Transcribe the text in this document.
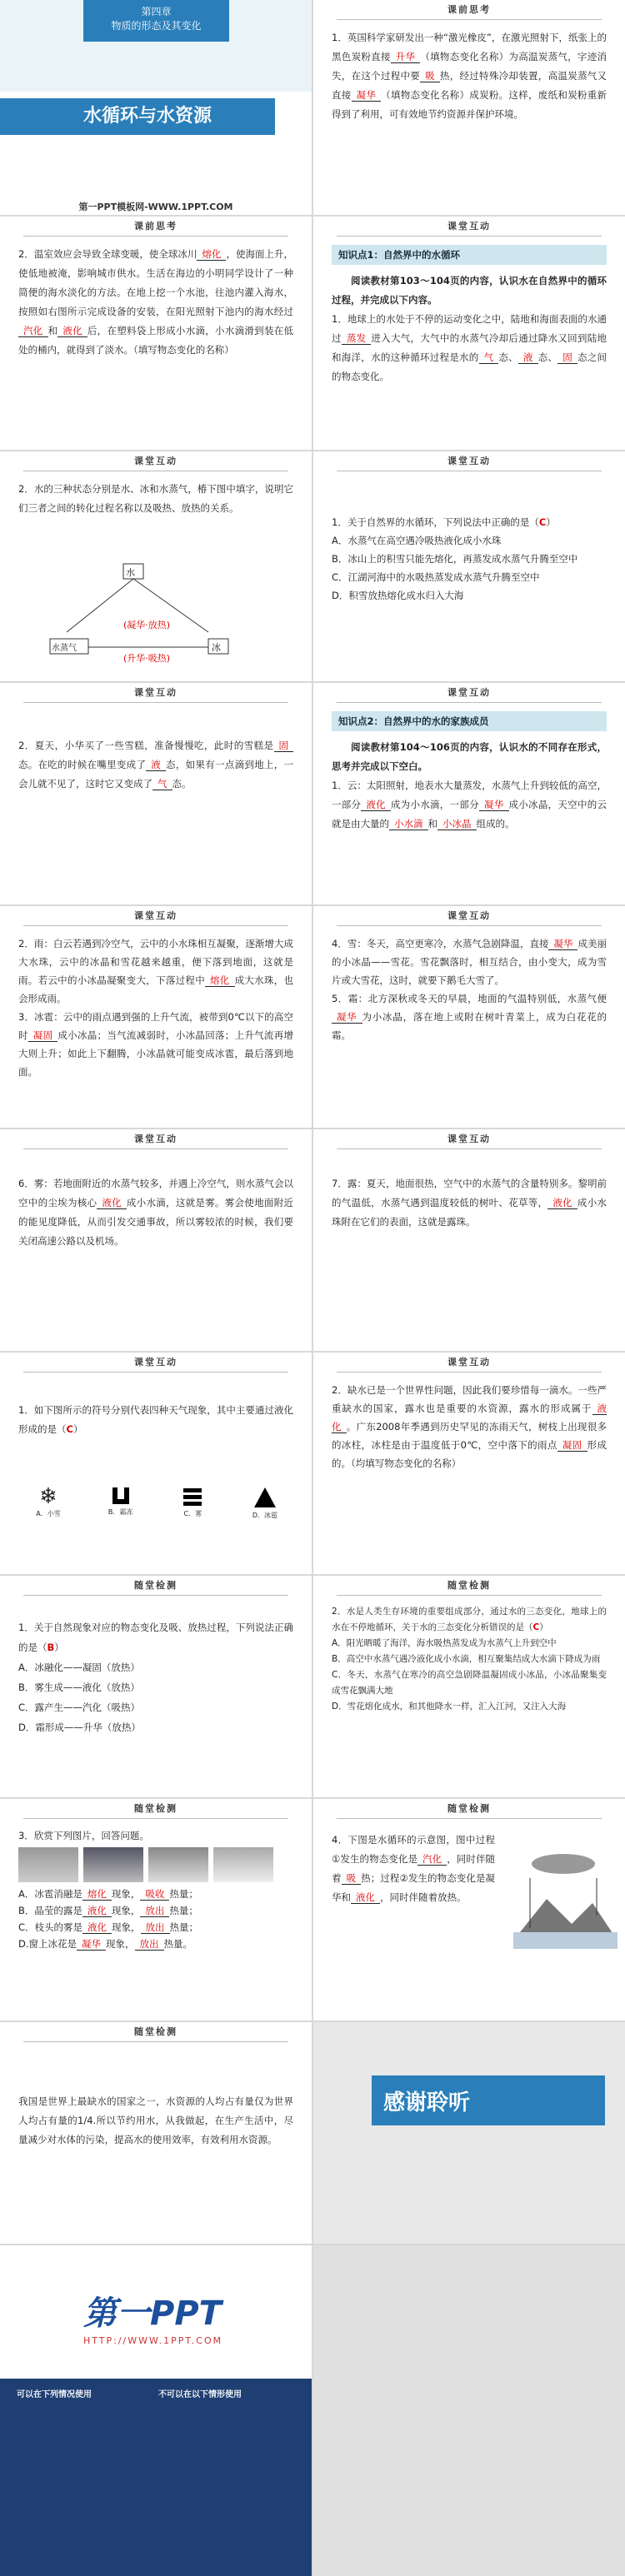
第四章
物质的形态及其变化
水循环与水资源
第一PPT模板网-WWW.1PPT.COM
课前思考
1．英国科学家研发出一种“激光橡皮”，在激光照射下，纸张上的黑色炭粉直接 升华 （填物态变化名称）为高温炭蒸气，字迹消失，在这个过程中要 吸 热，经过特殊冷却装置，高温炭蒸气又直接 凝华 （填物态变化名称）成炭粉。这样，废纸和炭粉重新得到了利用，可有效地节约资源并保护环境。
课前思考
2．温室效应会导致全球变暖，使全球冰川 熔化 ，使海面上升，使低地被淹，影响城市供水。生活在海边的小明同学设计了一种简便的海水淡化的方法。在地上挖一个水池，往池内灌入海水，按照如右图所示完成设备的安装，在阳光照射下池内的海水经过汽化 和 液化 后，在塑料袋上形成小水滴，小水滴滑到装在低处的桶内，就得到了淡水。（填写物态变化的名称）
课堂互动
知识点1：自然界中的水循环
阅读教材第103～104页的内容，认识水在自然界中的循环过程，并完成以下内容。
1．地球上的水处于不停的运动变化之中，陆地和海面表面的水通过 蒸发 进入大气，大气中的水蒸气冷却后通过降水又回到陆地和海洋，水的这种循环过程是水的 气 态、 液 态、 固 态之间的物态变化。
课堂互动
2．水的三种状态分别是水、冰和水蒸气，椿下图中填字，说明它们三者之间的转化过程名称以及吸热、放热的关系。
水
水蒸气	冰
(凝华·放热)
(升华·吸热)
课堂互动
1．关于自然界的水循环，下列说法中正确的是（C）
A．水蒸气在高空遇冷吸热液化成小水珠
B．冰山上的积雪只能先熔化，再蒸发成水蒸气升腾至空中
C．江湖河海中的水吸热蒸发成水蒸气升腾至空中
D．积雪放热熔化成水归入大海
课堂互动
2．夏天，小华买了一些雪糕，准备慢慢吃，此时的雪糕是 固态。在吃的时候在嘴里变成了 液 态，如果有一点滴到地上，一会儿就不见了，这时它又变成了 气 态。
课堂互动
知识点2：自然界中的水的家族成员
阅读教材第104～106页的内容，认识水的不同存在形式，思考并完成以下空白。
1．云：太阳照射，地表水大量蒸发，水蒸气上升到较低的高空，一部分 液化 成为小水滴，一部分 凝华 成小冰晶，天空中的云就是由大量的 小水滴 和 小冰晶 组成的。
课堂互动
2．雨：白云若遇到冷空气，云中的小水珠相互凝聚，逐渐增大成大水珠，云中的冰晶和雪花越来越重，便下落到地面，这就是雨。若云中的小冰晶凝聚变大，下落过程中 熔化 成大水珠，也会形成雨。
3．冰雹：云中的雨点遇到强的上升气流，被带到0℃以下的高空时 凝固 成小冰晶；当气流减弱时，小冰晶回落；上升气流再增大则上升；如此上下翻腾，小冰晶就可能变成冰雹，最后落到地面。
课堂互动
4．雪：冬天，高空更寒冷，水蒸气急剧降温，直接 凝华 成美丽的小冰晶——雪花。雪花飘落时，相互结合，由小变大，成为雪片或大雪花，这时，就要下鹅毛大雪了。
5．霜：北方深秋或冬天的早晨，地面的气温特别低，水蒸气便凝华 为小冰晶，落在地上或附在树叶青菜上，成为白花花的霜。
课堂互动
6．雾：若地面附近的水蒸气较多，并遇上冷空气，则水蒸气会以空中的尘埃为核心 液化 成小水滴，这就是雾。雾会使地面附近的能见度降低，从而引发交通事故，所以雾较浓的时候，我们要关闭高速公路以及机场。
课堂互动
7．露：夏天，地面很热，空气中的水蒸气的含量特别多。黎明前的气温低，水蒸气遇到温度较低的树叶、花草等， 液化 成小水珠附在它们的表面，这就是露珠。
课堂互动
1．如下图所示的符号分别代表四种天气现象，其中主要通过液化形成的是（C）
❄
A．小雪	B．霜冻	C．雾	D．冰雹
课堂互动
2．缺水已是一个世界性问题，因此我们要珍惜每一滴水。一些严重缺水的国家，露水也是重要的水资源，露水的形成属于 液化 。广东2008年季遇到历史罕见的冻雨天气，树枝上出现很多的冰柱，冰柱是由于温度低于0℃，空中落下的雨点 凝固 形成的。（均填写物态变化的名称）
随堂检测
1．关于自然现象对应的物态变化及吸、放热过程，下列说法正确的是（B）
A．冰融化——凝固（放热）
B．雾生成——液化（放热）
C．露产生——汽化（吸热）
D．霜形成——升华（放热）
随堂检测
2．水是人类生存环境的重要组成部分，通过水的三态变化，地球上的水在不停地循环，关于水的三态变化分析错误的是（C）
A．阳光晒暖了海洋，海水吸热蒸发成为水蒸气上升到空中
B．高空中水蒸气遇冷液化成小水滴，相互聚集结成大水滴下降成为雨
C．冬天，水蒸气在寒冷的高空急剧降温凝固成小冰晶，小冰晶聚集变成雪花飘满大地
D．雪花熔化成水，和其他降水一样，汇入江河，又注入大海
随堂检测
3．欣赏下列图片，回答问题。
A．冰雹消融是 熔化 现象， 吸收 热量；
B．晶莹的露是 液化 现象， 放出 热量；
C．枝头的雾是 液化 现象， 放出 热量；
D.窗上冰花是 凝华 现象， 放出 热量。
随堂检测
4．下图是水循环的示意图，图中过程①发生的物态变化是 汽化 ，同时伴随着 吸 热；过程②发生的物态变化是凝华和 液化 ，同时伴随着放热。
随堂检测
我国是世界上最缺水的国家之一，水资源的人均占有量仅为世界人均占有量的1/4.所以节约用水，从我做起，在生产生活中，尽量减少对水体的污染，提高水的使用效率，有效利用水资源。
感谢聆听
第一PPT
HTTP://WWW.1PPT.COM
可以在下列情况使用	不可以在以下情形使用
